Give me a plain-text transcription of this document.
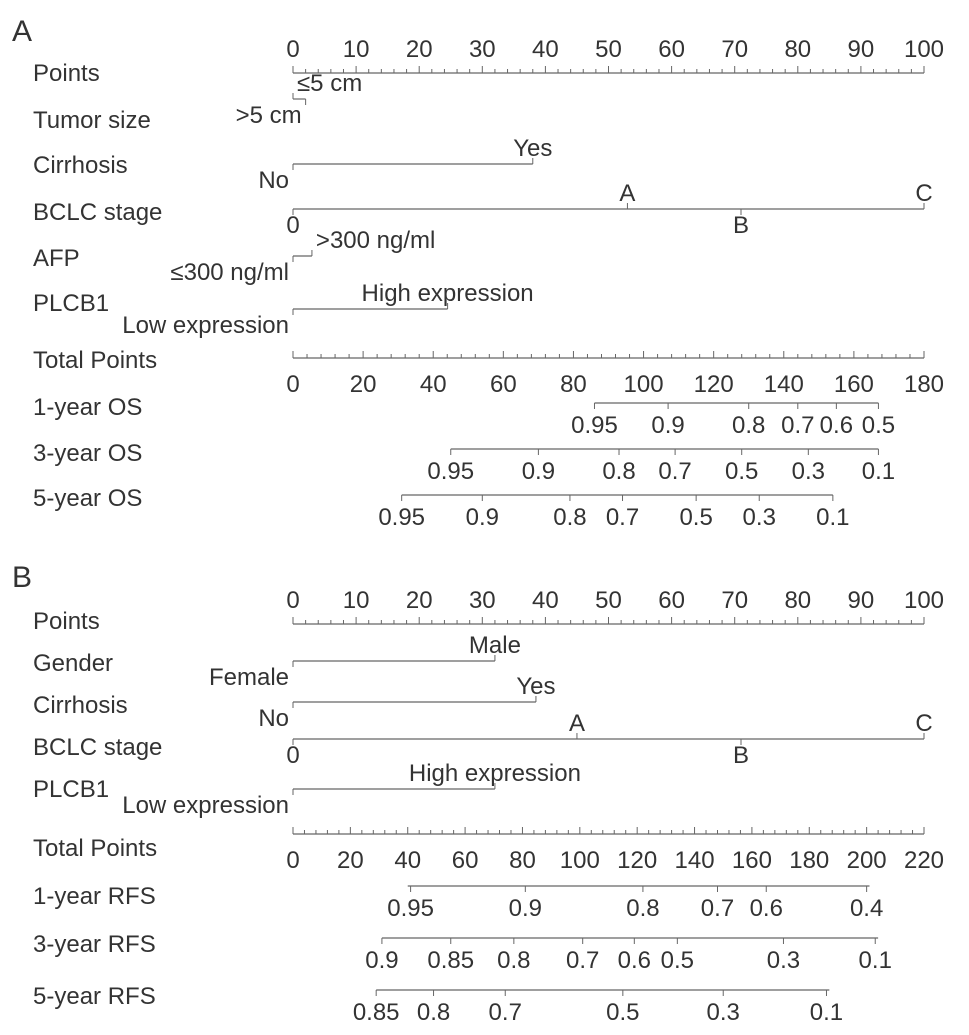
A
Points
0 10 20 30 40 50 60 70 80 90 100
Tumor size
≤5 cm
>5 cm
Cirrhosis
No
Yes
BCLC stage	0
A
B
C
AFP
≤300 ng/ml
>300 ng/ml
PLCB1
Low expression
High expression
Total Points
0 20 40 60 80 100 120 140 160 180
1-year OS
0.95 0.9 0.8 0.7 0.6 0.5
3-year OS
0.95 0.9 0.8 0.7 0.5 0.3 0.1
5-year OS
0.95 0.9 0.8 0.7 0.5 0.3 0.1
B
Points
0 10 20 30 40 50 60 70 80 90 100
Gender
Female
Male
Cirrhosis	No
Yes
BCLC stage	0
A
B
C
PLCB1
Low expression
High expression
Total Points	0 20 40 60 80 100 120 140 160 180 200 220
1-year RFS	0.95	0.9	0.8 0.7 0.6	0.4
3-year RFS
0.9 0.85 0.8 0.7 0.6 0.5	0.3 0.1
5-year RFS
0.85 0.8 0.7	0.5	0.3	0.1
